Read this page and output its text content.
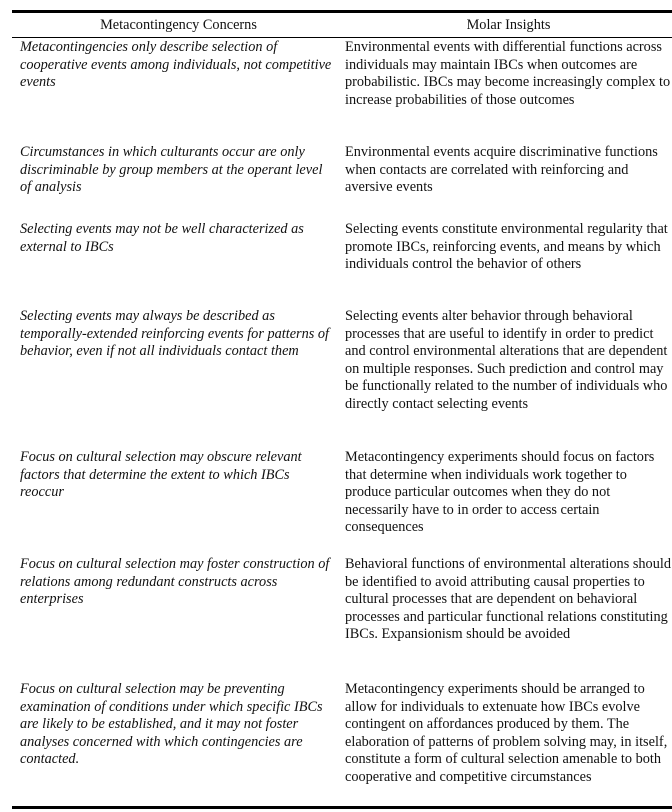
Metacontingency Concerns	Molar Insights
Metacontingencies only describe selection of cooperative events among individuals, not competitive events
Environmental events with differential functions across individuals may maintain IBCs when outcomes are probabilistic. IBCs may become increasingly complex to increase probabilities of those outcomes
Circumstances in which culturants occur are only discriminable by group members at the operant level of analysis
Environmental events acquire discriminative functions when contacts are correlated with reinforcing and aversive events
Selecting events may not be well characterized as external to IBCs
Selecting events constitute environmental regularity that promote IBCs, reinforcing events, and means by which individuals control the behavior of others
Selecting events may always be described as temporally-extended reinforcing events for patterns of behavior, even if not all individuals contact them
Selecting events alter behavior through behavioral processes that are useful to identify in order to predict and control environmental alterations that are dependent on multiple responses. Such prediction and control may be functionally related to the number of individuals who directly contact selecting events
Focus on cultural selection may obscure relevant factors that determine the extent to which IBCs reoccur
Metacontingency experiments should focus on factors that determine when individuals work together to produce particular outcomes when they do not necessarily have to in order to access certain consequences
Focus on cultural selection may foster construction of relations among redundant constructs across enterprises
Behavioral functions of environmental alterations should be identified to avoid attributing causal properties to cultural processes that are dependent on behavioral processes and particular functional relations constituting IBCs. Expansionism should be avoided
Focus on cultural selection may be preventing examination of conditions under which specific IBCs are likely to be established, and it may not foster analyses concerned with which contingencies are contacted.
Metacontingency experiments should be arranged to allow for individuals to extenuate how IBCs evolve contingent on affordances produced by them. The elaboration of patterns of problem solving may, in itself, constitute a form of cultural selection amenable to both cooperative and competitive circumstances
